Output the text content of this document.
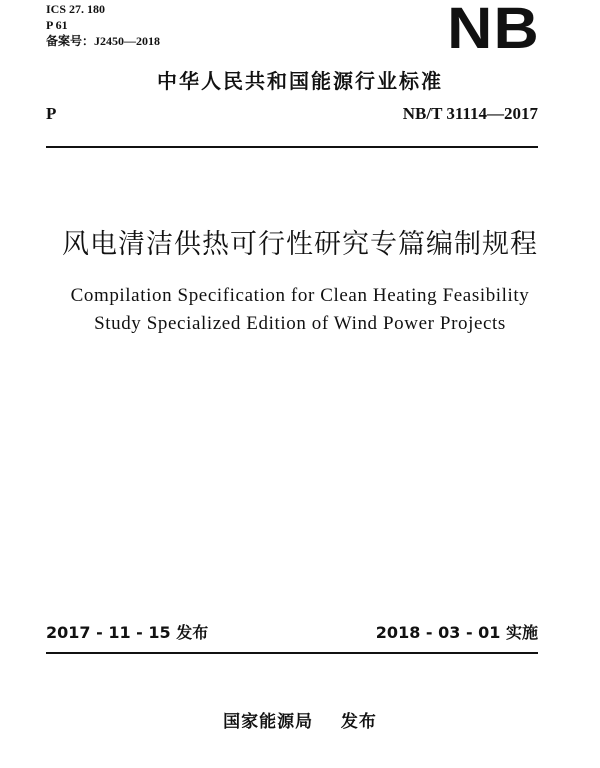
ICS 27. 180
P 61
备案号：J2450—2018	NB
中华人民共和国能源行业标准
P	NB/T 31114—2017
风电清洁供热可行性研究专篇编制规程
Compilation Specification for Clean Heating Feasibility
Study Specialized Edition of Wind Power Projects
2017 - 11 - 15 发布	2018 - 03 - 01 实施
国家能源局    发布
